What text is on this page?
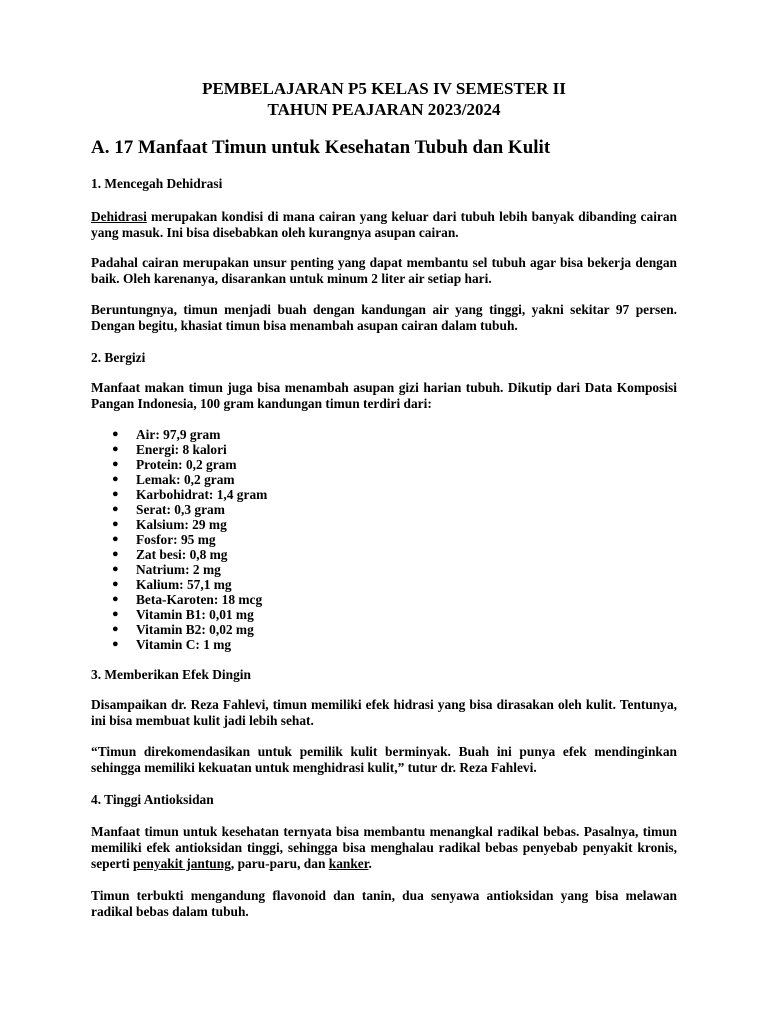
PEMBELAJARAN P5 KELAS IV SEMESTER II
TAHUN PEAJARAN 2023/2024
A. 17 Manfaat Timun untuk Kesehatan Tubuh dan Kulit
1. Mencegah Dehidrasi

Dehidrasi merupakan kondisi di mana cairan yang keluar dari tubuh lebih banyak dibanding cairan yang masuk. Ini bisa disebabkan oleh kurangnya asupan cairan.

Padahal cairan merupakan unsur penting yang dapat membantu sel tubuh agar bisa bekerja dengan baik. Oleh karenanya, disarankan untuk minum 2 liter air setiap hari.

Beruntungnya, timun menjadi buah dengan kandungan air yang tinggi, yakni sekitar 97 persen. Dengan begitu, khasiat timun bisa menambah asupan cairan dalam tubuh.

2. Bergizi

Manfaat makan timun juga bisa menambah asupan gizi harian tubuh. Dikutip dari Data Komposisi Pangan Indonesia, 100 gram kandungan timun terdiri dari:

● Air: 97,9 gram
● Energi: 8 kalori
● Protein: 0,2 gram
● Lemak: 0,2 gram
● Karbohidrat: 1,4 gram
● Serat: 0,3 gram
● Kalsium: 29 mg
● Fosfor: 95 mg
● Zat besi: 0,8 mg
● Natrium: 2 mg
● Kalium: 57,1 mg
● Beta-Karoten: 18 mcg
● Vitamin B1: 0,01 mg
● Vitamin B2: 0,02 mg
● Vitamin C: 1 mg
3. Memberikan Efek Dingin

Disampaikan dr. Reza Fahlevi, timun memiliki efek hidrasi yang bisa dirasakan oleh kulit. Tentunya, ini bisa membuat kulit jadi lebih sehat.

“Timun direkomendasikan untuk pemilik kulit berminyak. Buah ini punya efek mendinginkan sehingga memiliki kekuatan untuk menghidrasi kulit,” tutur dr. Reza Fahlevi.

4. Tinggi Antioksidan

Manfaat timun untuk kesehatan ternyata bisa membantu menangkal radikal bebas. Pasalnya, timun memiliki efek antioksidan tinggi, sehingga bisa menghalau radikal bebas penyebab penyakit kronis, seperti penyakit jantung, paru-paru, dan kanker.

Timun terbukti mengandung flavonoid dan tanin, dua senyawa antioksidan yang bisa melawan radikal bebas dalam tubuh.
